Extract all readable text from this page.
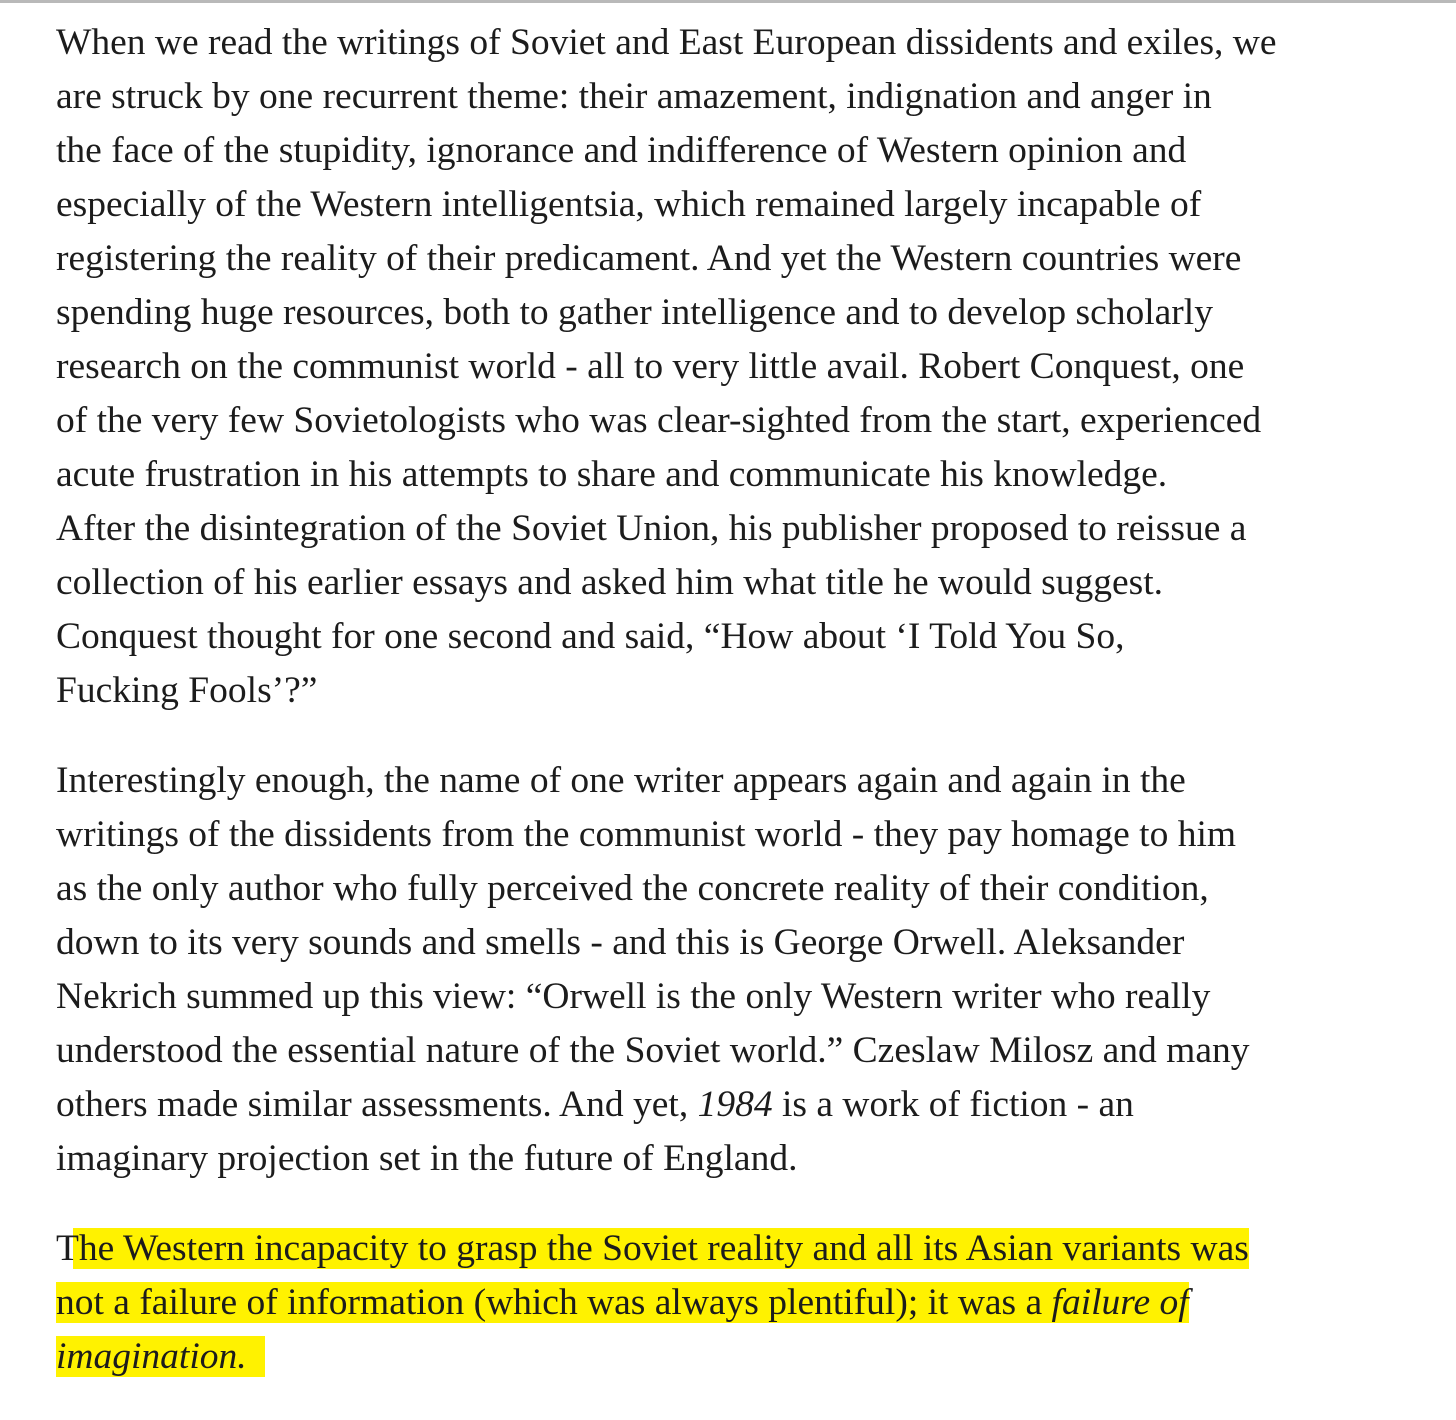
When we read the writings of Soviet and East European dissidents and exiles, we
are struck by one recurrent theme: their amazement, indignation and anger in
the face of the stupidity, ignorance and indifference of Western opinion and
especially of the Western intelligentsia, which remained largely incapable of
registering the reality of their predicament. And yet the Western countries were
spending huge resources, both to gather intelligence and to develop scholarly
research on the communist world - all to very little avail. Robert Conquest, one
of the very few Sovietologists who was clear-sighted from the start, experienced
acute frustration in his attempts to share and communicate his knowledge.
After the disintegration of the Soviet Union, his publisher proposed to reissue a
collection of his earlier essays and asked him what title he would suggest.
Conquest thought for one second and said, “How about ‘I Told You So,
Fucking Fools’?”

Interestingly enough, the name of one writer appears again and again in the
writings of the dissidents from the communist world - they pay homage to him
as the only author who fully perceived the concrete reality of their condition,
down to its very sounds and smells - and this is George Orwell. Aleksander
Nekrich summed up this view: “Orwell is the only Western writer who really
understood the essential nature of the Soviet world.” Czeslaw Milosz and many
others made similar assessments. And yet, 1984 is a work of fiction - an
imaginary projection set in the future of England.

The Western incapacity to grasp the Soviet reality and all its Asian variants was
not a failure of information (which was always plentiful); it was a failure of
imagination.
